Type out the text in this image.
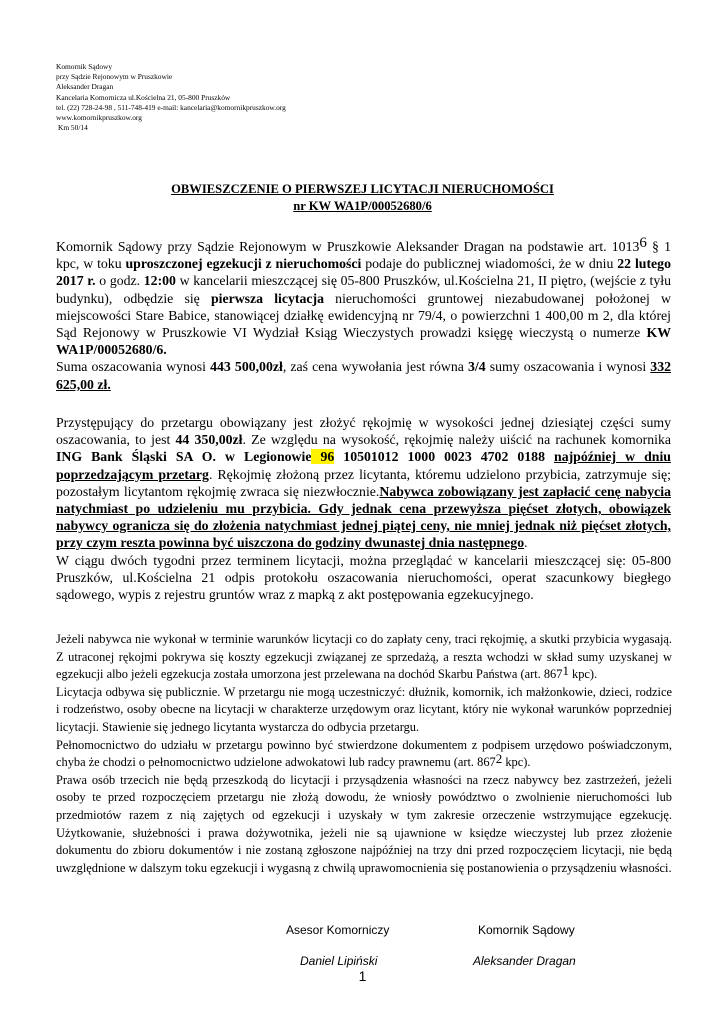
Komornik Sądowy
przy Sądzie Rejonowym w Pruszkowie
Aleksander Dragan
Kancelaria Komornicza ul.Kościelna 21, 05-800 Pruszków
tel. (22) 728-24-98 , 511-748-419 e-mail: kancelaria@komornikpruszkow.org
www.komornikpruszkow.org
Km 50/14
OBWIESZCZENIE O PIERWSZEJ LICYTACJI NIERUCHOMOŚCI
nr KW WA1P/00052680/6

Komornik Sądowy przy Sądzie Rejonowym w Pruszkowie Aleksander Dragan na podstawie art. 1013$^6$ § 1 kpc, w toku uproszczonej egzekucji z nieruchomości podaje do publicznej wiadomości, że w dniu 22 lutego 2017 r. o godz. 12:00 w kancelarii mieszczącej się 05-800 Pruszków, ul.Kościelna 21, II piętro, (wejście z tyłu budynku), odbędzie się pierwsza licytacja nieruchomości gruntowej niezabudowanej położonej w miejscowości Stare Babice, stanowiącej działkę ewidencyjną nr 79/4, o powierzchni 1 400,00 m 2, dla której Sąd Rejonowy w Pruszkowie VI Wydział Ksiąg Wieczystych prowadzi księgę wieczystą o numerze KW WA1P/00052680/6.
Suma oszacowania wynosi 443 500,00zł, zaś cena wywołania jest równa 3/4 sumy oszacowania i wynosi 332 625,00 zł.

Przystępujący do przetargu obowiązany jest złożyć rękojmię w wysokości jednej dziesiątej części sumy oszacowania, to jest 44 350,00zł. Ze względu na wysokość, rękojmię należy uiścić na rachunek komornika ING Bank Śląski SA O. w Legionowie 96 10501012 1000 0023 4702 0188 najpóźniej w dniu poprzedzającym przetarg. Rękojmię złożoną przez licytanta, któremu udzielono przybicia, zatrzymuje się; pozostałym licytantom rękojmię zwraca się niezwłocznie.Nabywca zobowiązany jest zapłacić cenę nabycia natychmiast po udzieleniu mu przybicia. Gdy jednak cena przewyższa pięćset złotych, obowiązek nabywcy ogranicza się do złożenia natychmiast jednej piątej ceny, nie mniej jednak niż pięćset złotych, przy czym reszta powinna być uiszczona do godziny dwunastej dnia następnego.

W ciągu dwóch tygodni przez terminem licytacji, można przeglądać w kancelarii mieszczącej się: 05-800 Pruszków, ul.Kościelna 21 odpis protokołu oszacowania nieruchomości, operat szacunkowy biegłego sądowego, wypis z rejestru gruntów wraz z mapką z akt postępowania egzekucyjnego.

Jeżeli nabywca nie wykonał w terminie warunków licytacji co do zapłaty ceny, traci rękojmię, a skutki przybicia wygasają. Z utraconej rękojmi pokrywa się koszty egzekucji związanej ze sprzedażą, a reszta wchodzi w skład sumy uzyskanej w egzekucji albo jeżeli egzekucja została umorzona jest przelewana na dochód Skarbu Państwa (art. $867^1$ kpc).

Licytacja odbywa się publicznie. W przetargu nie mogą uczestniczyć: dłużnik, komornik, ich małżonkowie, dzieci, rodzice i rodzeństwo, osoby obecne na licytacji w charakterze urzędowym oraz licytant, który nie wykonał warunków poprzedniej licytacji. Stawienie się jednego licytanta wystarcza do odbycia przetargu.

Pełnomocnictwo do udziału w przetargu powinno być stwierdzone dokumentem z podpisem urzędowo poświadczonym, chyba że chodzi o pełnomocnictwo udzielone adwokatowi lub radcy prawnemu (art. $867^2$ kpc).

Prawa osób trzecich nie będą przeszkodą do licytacji i przysądzenia własności na rzecz nabywcy bez zastrzeżeń, jeżeli osoby te przed rozpoczęciem przetargu nie złożą dowodu, że wniosły powództwo o zwolnienie nieruchomości lub przedmiotów razem z nią zajętych od egzekucji i uzyskały w tym zakresie orzeczenie wstrzymujące egzekucję. Użytkowanie, służebności i prawa dożywotnika, jeżeli nie są ujawnione w księdze wieczystej lub przez złożenie dokumentu do zbioru dokumentów i nie zostaną zgłoszone najpóźniej na trzy dni przed rozpoczęciem licytacji, nie będą uwzględnione w dalszym toku egzekucji i wygasną z chwilą uprawomocnienia się postanowienia o przysądzeniu własności.

Asesor Komorniczy	Komornik Sądowy
Daniel Lipiński	Aleksander Dragan
1
